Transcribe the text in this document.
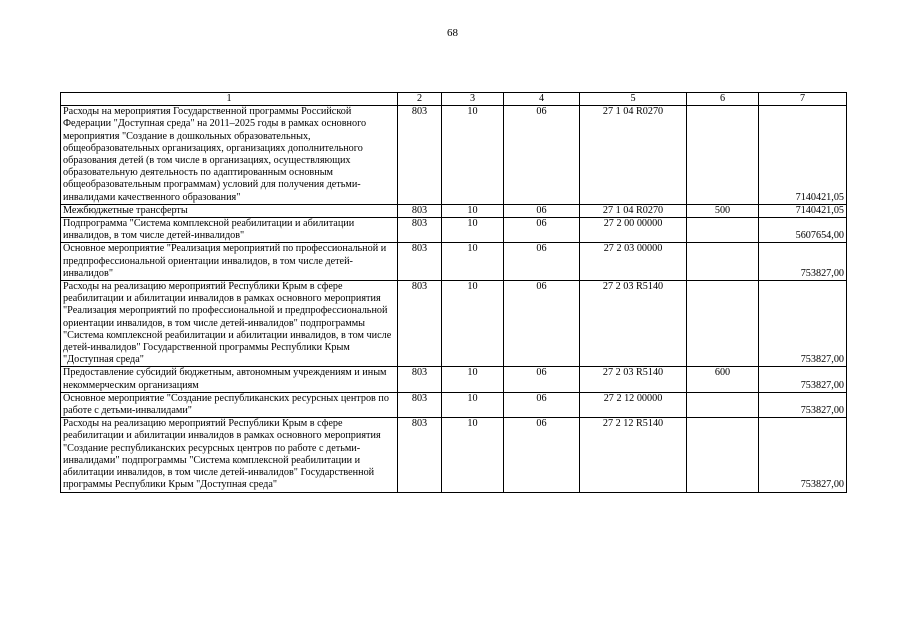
68
1	2	3	4	5	6	7
Расходы на мероприятия Государственной программы Российской Федерации "Доступная среда" на 2011–2025 годы в рамках основного мероприятия "Создание в дошкольных образовательных, общеобразовательных организациях, организациях дополнительного образования детей (в том числе в организациях, осуществляющих образовательную деятельность по адаптированным основным общеобразовательным программам) условий для получения детьми-инвалидами качественного образования"	803	10	06	27 1 04 R0270		7140421,05
Межбюджетные трансферты	803	10	06	27 1 04 R0270	500	7140421,05
Подпрограмма "Система комплексной реабилитации и абилитации инвалидов, в том числе детей-инвалидов"	803	10	06	27 2 00 00000		5607654,00
Основное мероприятие "Реализация мероприятий по профессиональной и предпрофессиональной ориентации инвалидов, в том числе детей-инвалидов"	803	10	06	27 2 03 00000		753827,00
Расходы на реализацию мероприятий Республики Крым в сфере реабилитации и абилитации инвалидов в рамках основного мероприятия "Реализация мероприятий по профессиональной и предпрофессиональной ориентации инвалидов, в том числе детей-инвалидов" подпрограммы "Система комплексной реабилитации и абилитации инвалидов, в том числе детей-инвалидов" Государственной программы Республики Крым "Доступная среда"	803	10	06	27 2 03 R5140		753827,00
Предоставление субсидий бюджетным, автономным учреждениям и иным некоммерческим организациям	803	10	06	27 2 03 R5140	600	753827,00
Основное мероприятие "Создание республиканских ресурсных центров по работе с детьми-инвалидами"	803	10	06	27 2 12 00000		753827,00
Расходы на реализацию мероприятий Республики Крым в сфере реабилитации и абилитации инвалидов в рамках основного мероприятия "Создание республиканских ресурсных центров по работе с детьми-инвалидами" подпрограммы "Система комплексной реабилитации и абилитации инвалидов, в том числе детей-инвалидов" Государственной программы Республики Крым "Доступная среда"	803	10	06	27 2 12 R5140		753827,00
